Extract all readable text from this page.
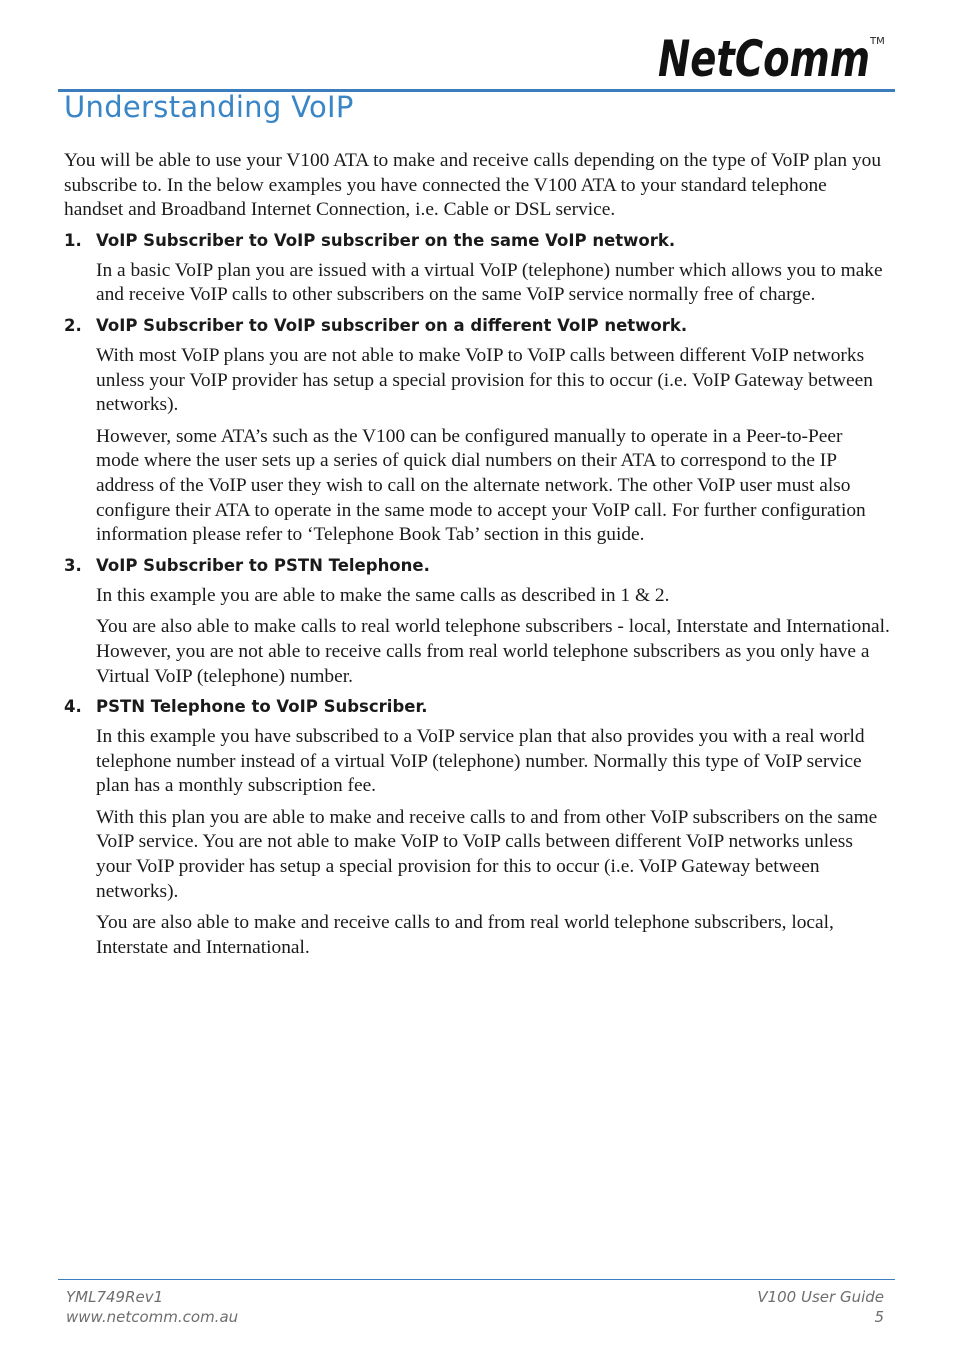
NetComm TM
Understanding VoIP

You will be able to use your V100 ATA to make and receive calls depending on the type of VoIP plan you subscribe to. In the below examples you have connected the V100 ATA to your standard telephone handset and Broadband Internet Connection, i.e. Cable or DSL service.

1. VoIP Subscriber to VoIP subscriber on the same VoIP network.

In a basic VoIP plan you are issued with a virtual VoIP (telephone) number which allows you to make and receive VoIP calls to other subscribers on the same VoIP service normally free of charge.

2. VoIP Subscriber to VoIP subscriber on a different VoIP network.

With most VoIP plans you are not able to make VoIP to VoIP calls between different VoIP networks unless your VoIP provider has setup a special provision for this to occur (i.e. VoIP Gateway between networks).

However, some ATA’s such as the V100 can be configured manually to operate in a Peer-to-Peer mode where the user sets up a series of quick dial numbers on their ATA to correspond to the IP address of the VoIP user they wish to call on the alternate network. The other VoIP user must also configure their ATA to operate in the same mode to accept your VoIP call. For further configuration information please refer to ‘Telephone Book Tab’ section in this guide.

3. VoIP Subscriber to PSTN Telephone.

In this example you are able to make the same calls as described in 1 & 2.

You are also able to make calls to real world telephone subscribers - local, Interstate and International. However, you are not able to receive calls from real world telephone subscribers as you only have a Virtual VoIP (telephone) number.

4. PSTN Telephone to VoIP Subscriber.

In this example you have subscribed to a VoIP service plan that also provides you with a real world telephone number instead of a virtual VoIP (telephone) number. Normally this type of VoIP service plan has a monthly subscription fee.

With this plan you are able to make and receive calls to and from other VoIP subscribers on the same VoIP service. You are not able to make VoIP to VoIP calls between different VoIP networks unless your VoIP provider has setup a special provision for this to occur (i.e. VoIP Gateway between networks).

You are also able to make and receive calls to and from real world telephone subscribers, local, Interstate and International.

YML749Rev1
www.netcomm.com.au
V100 User Guide
5
